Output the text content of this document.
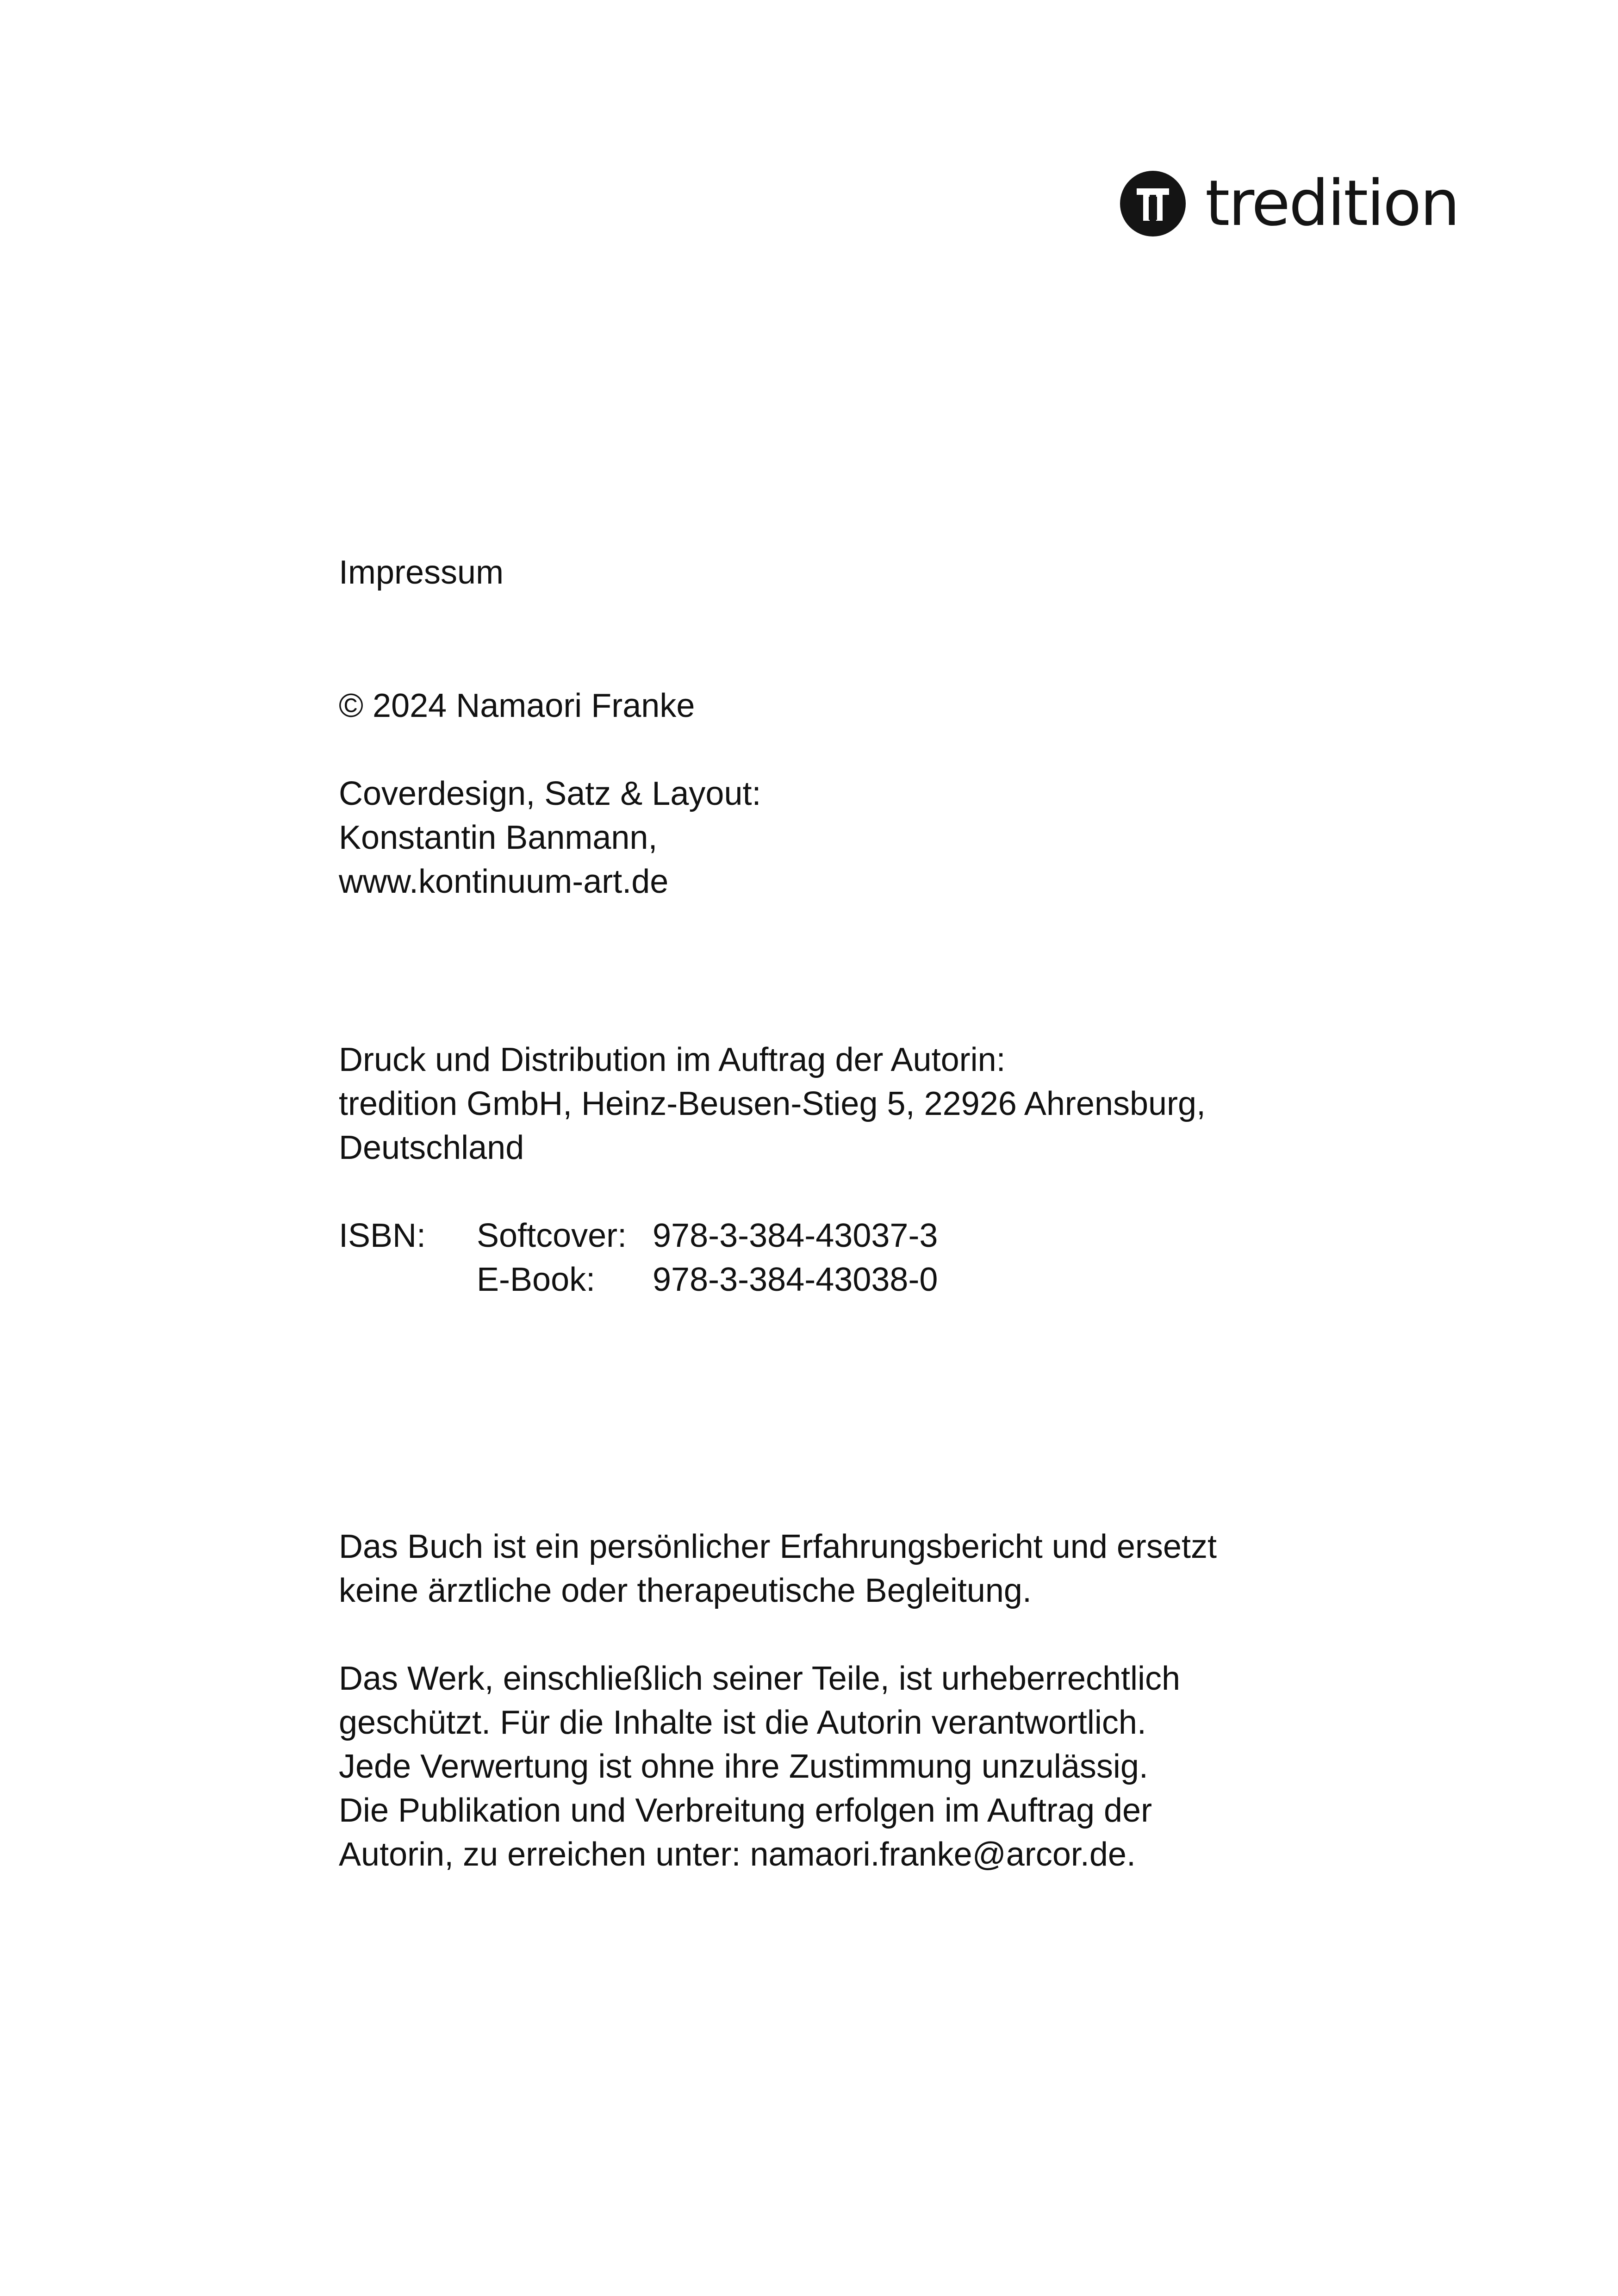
tredition
Impressum
© 2024 Namaori Franke
Coverdesign, Satz & Layout:
Konstantin Banmann,
www.kontinuum-art.de
Druck und Distribution im Auftrag der Autorin:
tredition GmbH, Heinz-Beusen-Stieg 5, 22926 Ahrensburg,
Deutschland
ISBN: Softcover: 978-3-384-43037-3
E-Book: 978-3-384-43038-0
Das Buch ist ein persönlicher Erfahrungsbericht und ersetzt
keine ärztliche oder therapeutische Begleitung.
Das Werk, einschließlich seiner Teile, ist urheberrechtlich
geschützt. Für die Inhalte ist die Autorin verantwortlich.
Jede Verwertung ist ohne ihre Zustimmung unzulässig.
Die Publikation und Verbreitung erfolgen im Auftrag der
Autorin, zu erreichen unter: namaori.franke@arcor.de.
